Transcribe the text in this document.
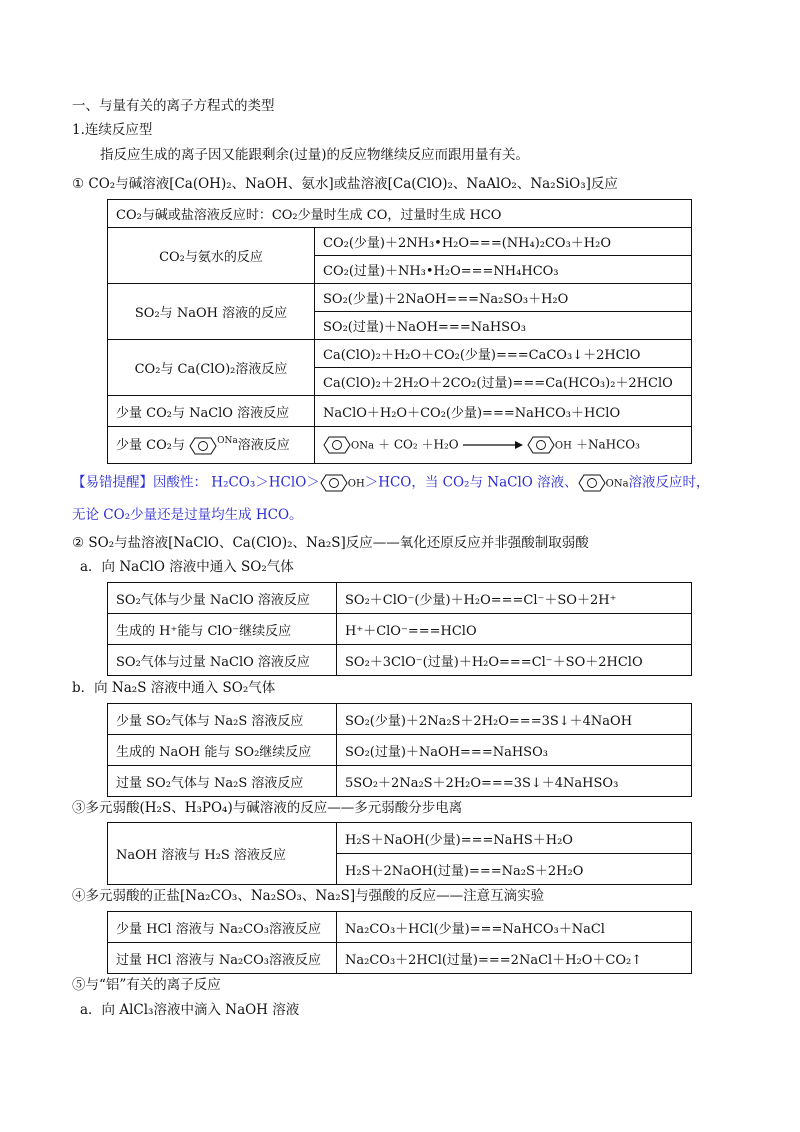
一、与量有关的离子方程式的类型
1.连续反应型
指反应生成的离子因又能跟剩余(过量)的反应物继续反应而跟用量有关。
① CO₂与碱溶液[Ca(OH)₂、NaOH、氨水]或盐溶液[Ca(ClO)₂、NaAlO₂、Na₂SiO₃]反应
CO₂与碱或盐溶液反应时：CO₂少量时生成 CO，过量时生成 HCO	
CO₂与氨水的反应	CO₂(少量)＋2NH₃•H₂O===(NH₄)₂CO₃＋H₂O
	CO₂(过量)＋NH₃•H₂O===NH₄HCO₃
SO₂与 NaOH 溶液的反应	SO₂(少量)＋2NaOH===Na₂SO₃＋H₂O
	SO₂(过量)＋NaOH===NaHSO₃
CO₂与 Ca(ClO)₂溶液反应	Ca(ClO)₂＋H₂O＋CO₂(少量)===CaCO₃↓＋2HClO
	Ca(ClO)₂＋2H₂O＋2CO₂(过量)===Ca(HCO₃)₂＋2HClO
少量 CO₂与 NaClO 溶液反应	NaClO＋H₂O＋CO₂(少量)===NaHCO₃＋HClO
少量 CO₂与 $^{ONa}$溶液反应	ONa ＋ CO₂ ＋H₂O OH ＋NaHCO₃
【易错提醒】因酸性： H₂CO₃＞HClO＞	OH＞HCO，当 CO₂与 NaClO 溶液、	ONa溶液反应时，
无论 CO₂少量还是过量均生成 HCO。
② SO₂与盐溶液[NaClO、Ca(ClO)₂、Na₂S]反应——氧化还原反应并非强酸制取弱酸
a．向 NaClO 溶液中通入 SO₂气体
SO₂气体与少量 NaClO 溶液反应	SO₂＋ClO⁻(少量)＋H₂O===Cl⁻＋SO＋2H⁺
生成的 H⁺能与 ClO⁻继续反应	H⁺＋ClO⁻===HClO
SO₂气体与过量 NaClO 溶液反应	SO₂＋3ClO⁻(过量)＋H₂O===Cl⁻＋SO＋2HClO
b．向 Na₂S 溶液中通入 SO₂气体
少量 SO₂气体与 Na₂S 溶液反应	SO₂(少量)＋2Na₂S＋2H₂O===3S↓＋4NaOH
生成的 NaOH 能与 SO₂继续反应	SO₂(过量)＋NaOH===NaHSO₃
过量 SO₂气体与 Na₂S 溶液反应	5SO₂＋2Na₂S＋2H₂O===3S↓＋4NaHSO₃
③多元弱酸(H₂S、H₃PO₄)与碱溶液的反应——多元弱酸分步电离
NaOH 溶液与 H₂S 溶液反应	H₂S＋NaOH(少量)===NaHS＋H₂O
H₂S＋2NaOH(过量)===Na₂S＋2H₂O
④多元弱酸的正盐[Na₂CO₃、Na₂SO₃、Na₂S]与强酸的反应——注意互滴实验
少量 HCl 溶液与 Na₂CO₃溶液反应	Na₂CO₃＋HCl(少量)===NaHCO₃＋NaCl
过量 HCl 溶液与 Na₂CO₃溶液反应	Na₂CO₃＋2HCl(过量)===2NaCl＋H₂O＋CO₂↑
⑤与“铝”有关的离子反应
a．向 AlCl₃溶液中滴入 NaOH 溶液
